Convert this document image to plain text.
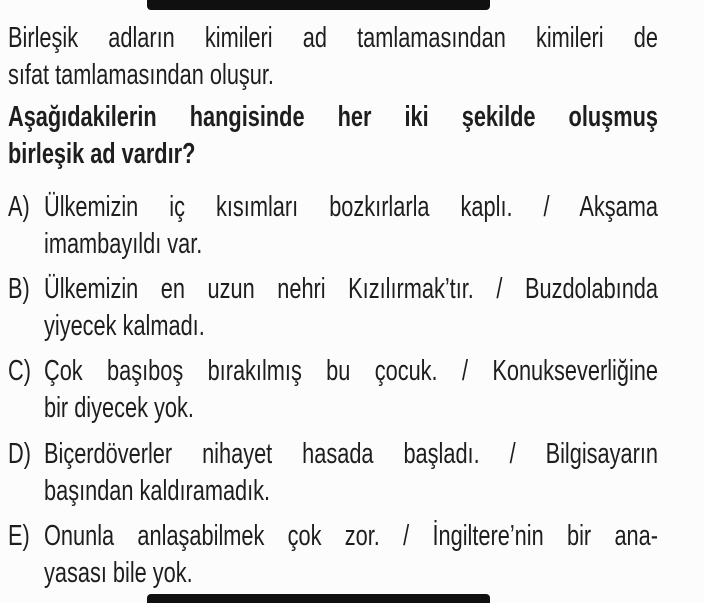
Birleşik adların kimileri ad tamlamasından kimileri de
sıfat tamlamasından oluşur.
Aşağıdakilerin hangisinde her iki şekilde oluşmuş
birleşik ad vardır?
A) Ülkemizin iç kısımları bozkırlarla kaplı. / Akşama
imambayıldı var.
B) Ülkemizin en uzun nehri Kızılırmak’tır. / Buzdolabında
yiyecek kalmadı.
C) Çok başıboş bırakılmış bu çocuk. / Konukseverliğine
bir diyecek yok.
D) Biçerdöverler nihayet hasada başladı. / Bilgisayarın
başından kaldıramadık.
E) Onunla anlaşabilmek çok zor. / İngiltere’nin bir ana-
yasası bile yok.
